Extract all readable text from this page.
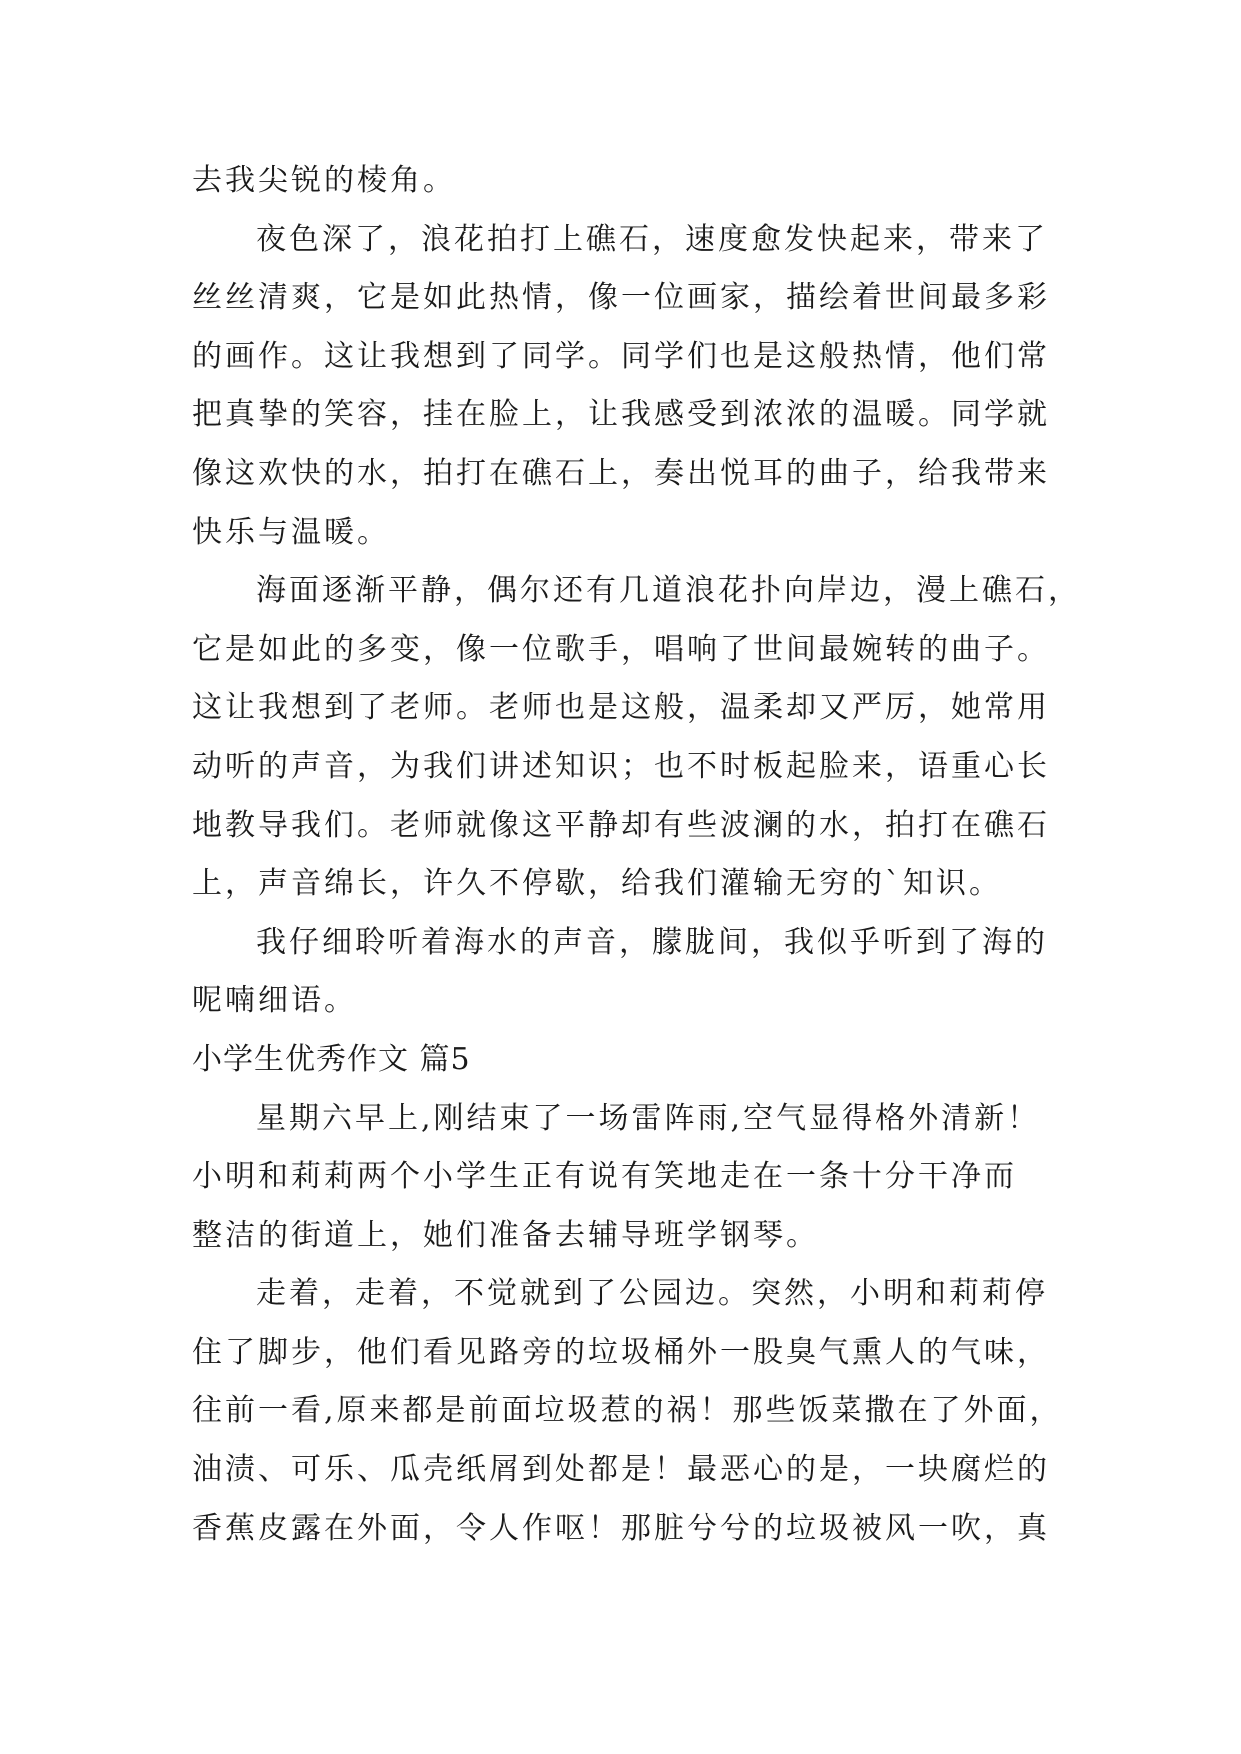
去我尖锐的棱角。
夜色深了，浪花拍打上礁石，速度愈发快起来，带来了
丝丝清爽，它是如此热情，像一位画家，描绘着世间最多彩
的画作。这让我想到了同学。同学们也是这般热情，他们常
把真挚的笑容，挂在脸上，让我感受到浓浓的温暖。同学就
像这欢快的水，拍打在礁石上，奏出悦耳的曲子，给我带来
快乐与温暖。
海面逐渐平静，偶尔还有几道浪花扑向岸边，漫上礁石，
它是如此的多变，像一位歌手，唱响了世间最婉转的曲子。
这让我想到了老师。老师也是这般，温柔却又严厉，她常用
动听的声音，为我们讲述知识；也不时板起脸来，语重心长
地教导我们。老师就像这平静却有些波澜的水，拍打在礁石
上，声音绵长，许久不停歇，给我们灌输无穷的`知识。
我仔细聆听着海水的声音，朦胧间，我似乎听到了海的
呢喃细语。
小学生优秀作文 篇5
星期六早上,刚结束了一场雷阵雨,空气显得格外清新！
小明和莉莉两个小学生正有说有笑地走在一条十分干净而
整洁的街道上，她们准备去辅导班学钢琴。
走着，走着，不觉就到了公园边。突然，小明和莉莉停
住了脚步，他们看见路旁的垃圾桶外一股臭气熏人的气味，
往前一看,原来都是前面垃圾惹的祸！那些饭菜撒在了外面，
油渍、可乐、瓜壳纸屑到处都是！最恶心的是，一块腐烂的
香蕉皮露在外面，令人作呕！那脏兮兮的垃圾被风一吹，真
